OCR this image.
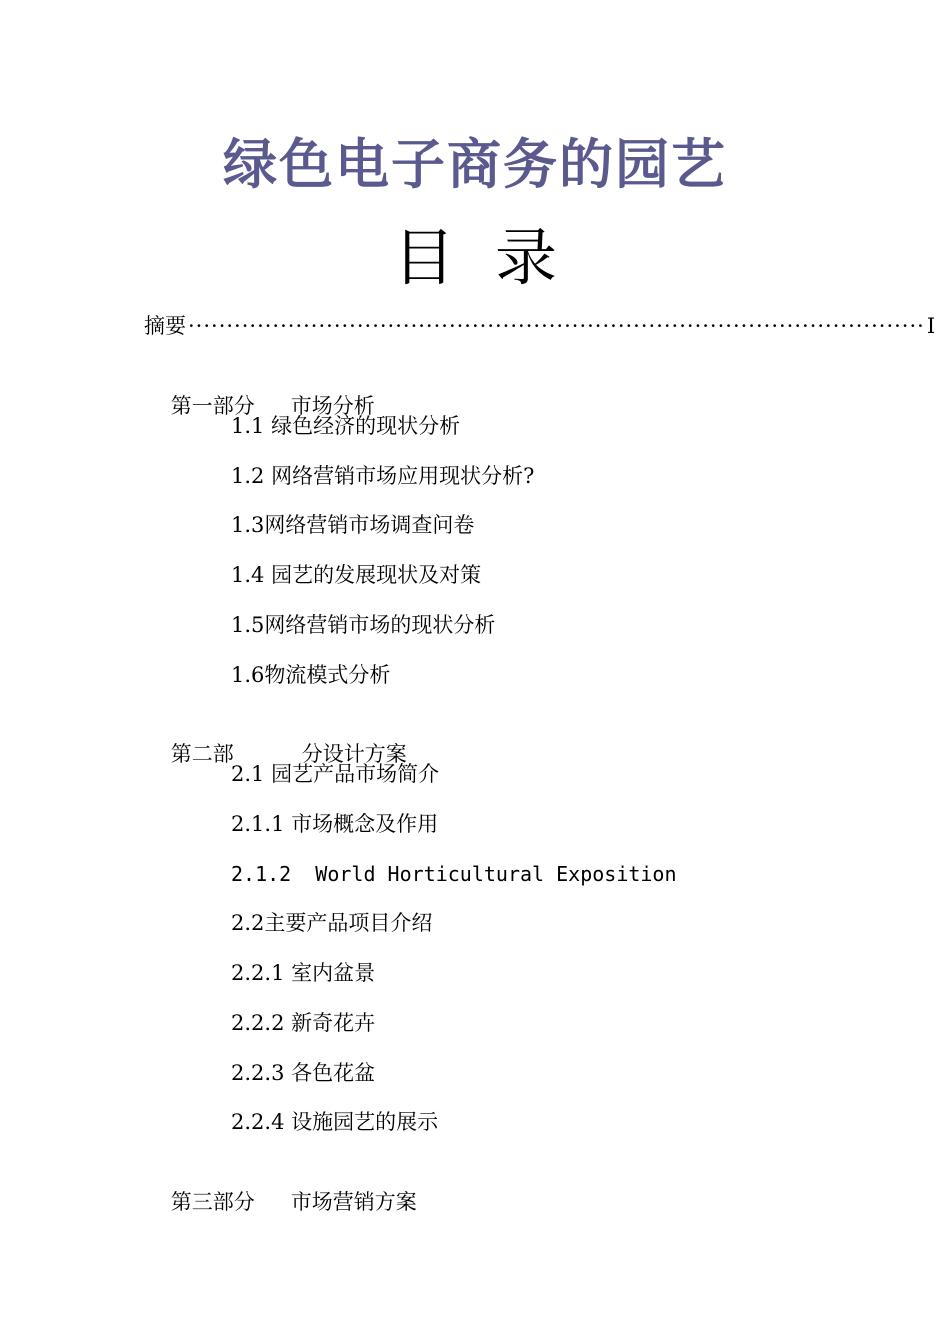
绿色电子商务的园艺
目 录
摘要 ································································································ I

第一部分 市场分析

1.1 绿色经济的现状分析
1.2 网络营销市场应用现状分析?
1.3网络营销市场调查问卷
1.4 园艺的发展现状及对策
1.5网络营销市场的现状分析
1.6物流模式分析

第二部	分设计方案

2.1 园艺产品市场简介
2.1.1 市场概念及作用
2.1.2  World Horticultural Exposition
2.2主要产品项目介绍
2.2.1 室内盆景
2.2.2 新奇花卉
2.2.3 各色花盆
2.2.4 设施园艺的展示

第三部分 市场营销方案
